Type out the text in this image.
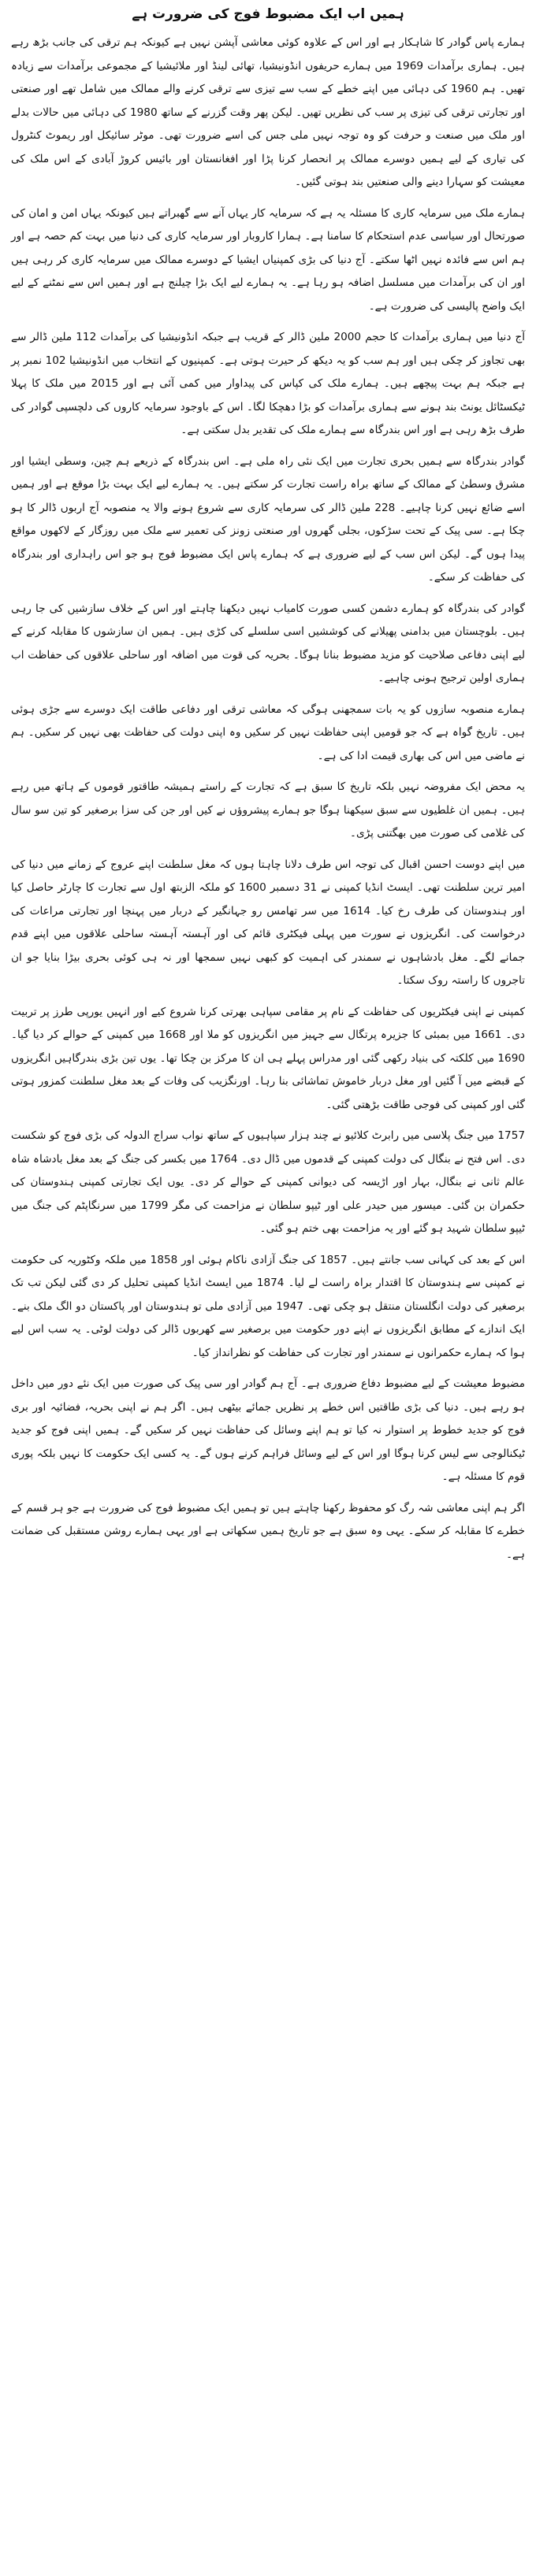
ہمیں اب ایک مضبوط فوج کی ضرورت ہے

ہمارے پاس گوادر کا شاہکار ہے اور اس کے علاوہ کوئی معاشی آپشن نہیں ہے کیونکہ ہم ترقی کی جانب بڑھ رہے ہیں۔ ہماری برآمدات 1969 میں ہمارے حریفوں انڈونیشیا، تھائی لینڈ اور ملائیشیا کے مجموعی برآمدات سے زیادہ تھیں۔ ہم 1960 کی دہائی میں اپنے خطے کے سب سے تیزی سے ترقی کرنے والے ممالک میں شامل تھے اور صنعتی اور تجارتی ترقی کی تیزی پر سب کی نظریں تھیں۔ لیکن پھر وقت گزرنے کے ساتھ 1980 کی دہائی میں حالات بدلے اور ملک میں صنعت و حرفت کو وہ توجہ نہیں ملی جس کی اسے ضرورت تھی۔ موٹر سائیکل اور ریموٹ کنٹرول کی تیاری کے لیے ہمیں دوسرے ممالک پر انحصار کرنا پڑا اور افغانستان اور بائیس کروڑ آبادی کے اس ملک کی معیشت کو سہارا دینے والی صنعتیں بند ہوتی گئیں۔

ہمارے ملک میں سرمایہ کاری کا مسئلہ یہ ہے کہ سرمایہ کار یہاں آنے سے گھبراتے ہیں کیونکہ یہاں امن و امان کی صورتحال اور سیاسی عدم استحکام کا سامنا ہے۔ ہمارا کاروبار اور سرمایہ کاری کی دنیا میں بہت کم حصہ ہے اور ہم اس سے فائدہ نہیں اٹھا سکتے۔ آج دنیا کی بڑی کمپنیاں ایشیا کے دوسرے ممالک میں سرمایہ کاری کر رہی ہیں اور ان کی برآمدات میں مسلسل اضافہ ہو رہا ہے۔ یہ ہمارے لیے ایک بڑا چیلنج ہے اور ہمیں اس سے نمٹنے کے لیے ایک واضح پالیسی کی ضرورت ہے۔

آج دنیا میں ہماری برآمدات کا حجم 2000 ملین ڈالر کے قریب ہے جبکہ انڈونیشیا کی برآمدات 112 ملین ڈالر سے بھی تجاوز کر چکی ہیں اور ہم سب کو یہ دیکھ کر حیرت ہوتی ہے۔ کمپنیوں کے انتخاب میں انڈونیشیا 102 نمبر پر ہے جبکہ ہم بہت پیچھے ہیں۔ ہمارے ملک کی کپاس کی پیداوار میں کمی آئی ہے اور 2015 میں ملک کا پہلا ٹیکسٹائل یونٹ بند ہونے سے ہماری برآمدات کو بڑا دھچکا لگا۔ اس کے باوجود سرمایہ کاروں کی دلچسپی گوادر کی طرف بڑھ رہی ہے اور اس بندرگاہ سے ہمارے ملک کی تقدیر بدل سکتی ہے۔

گوادر بندرگاہ سے ہمیں بحری تجارت میں ایک نئی راہ ملی ہے۔ اس بندرگاہ کے ذریعے ہم چین، وسطی ایشیا اور مشرق وسطیٰ کے ممالک کے ساتھ براہ راست تجارت کر سکتے ہیں۔ یہ ہمارے لیے ایک بہت بڑا موقع ہے اور ہمیں اسے ضائع نہیں کرنا چاہیے۔ 228 ملین ڈالر کی سرمایہ کاری سے شروع ہونے والا یہ منصوبہ آج اربوں ڈالر کا ہو چکا ہے۔ سی پیک کے تحت سڑکوں، بجلی گھروں اور صنعتی زونز کی تعمیر سے ملک میں روزگار کے لاکھوں مواقع پیدا ہوں گے۔ لیکن اس سب کے لیے ضروری ہے کہ ہمارے پاس ایک مضبوط فوج ہو جو اس راہداری اور بندرگاہ کی حفاظت کر سکے۔

گوادر کی بندرگاہ کو ہمارے دشمن کسی صورت کامیاب نہیں دیکھنا چاہتے اور اس کے خلاف سازشیں کی جا رہی ہیں۔ بلوچستان میں بدامنی پھیلانے کی کوششیں اسی سلسلے کی کڑی ہیں۔ ہمیں ان سازشوں کا مقابلہ کرنے کے لیے اپنی دفاعی صلاحیت کو مزید مضبوط بنانا ہوگا۔ بحریہ کی قوت میں اضافہ اور ساحلی علاقوں کی حفاظت اب ہماری اولین ترجیح ہونی چاہیے۔

ہمارے منصوبہ سازوں کو یہ بات سمجھنی ہوگی کہ معاشی ترقی اور دفاعی طاقت ایک دوسرے سے جڑی ہوئی ہیں۔ تاریخ گواہ ہے کہ جو قومیں اپنی حفاظت نہیں کر سکیں وہ اپنی دولت کی حفاظت بھی نہیں کر سکیں۔ ہم نے ماضی میں اس کی بھاری قیمت ادا کی ہے۔

یہ محض ایک مفروضہ نہیں بلکہ تاریخ کا سبق ہے کہ تجارت کے راستے ہمیشہ طاقتور قوموں کے ہاتھ میں رہے ہیں۔ ہمیں ان غلطیوں سے سبق سیکھنا ہوگا جو ہمارے پیشروؤں نے کیں اور جن کی سزا برصغیر کو تین سو سال کی غلامی کی صورت میں بھگتنی پڑی۔

میں اپنے دوست احسن اقبال کی توجہ اس طرف دلانا چاہتا ہوں کہ مغل سلطنت اپنے عروج کے زمانے میں دنیا کی امیر ترین سلطنت تھی۔ ایسٹ انڈیا کمپنی نے 31 دسمبر 1600 کو ملکہ الزبتھ اول سے تجارت کا چارٹر حاصل کیا اور ہندوستان کی طرف رخ کیا۔ 1614 میں سر تھامس رو جہانگیر کے دربار میں پہنچا اور تجارتی مراعات کی درخواست کی۔ انگریزوں نے سورت میں پہلی فیکٹری قائم کی اور آہستہ آہستہ ساحلی علاقوں میں اپنے قدم جمانے لگے۔ مغل بادشاہوں نے سمندر کی اہمیت کو کبھی نہیں سمجھا اور نہ ہی کوئی بحری بیڑا بنایا جو ان تاجروں کا راستہ روک سکتا۔

کمپنی نے اپنی فیکٹریوں کی حفاظت کے نام پر مقامی سپاہی بھرتی کرنا شروع کیے اور انہیں یورپی طرز پر تربیت دی۔ 1661 میں بمبئی کا جزیرہ پرتگال سے جہیز میں انگریزوں کو ملا اور 1668 میں کمپنی کے حوالے کر دیا گیا۔ 1690 میں کلکتہ کی بنیاد رکھی گئی اور مدراس پہلے ہی ان کا مرکز بن چکا تھا۔ یوں تین بڑی بندرگاہیں انگریزوں کے قبضے میں آ گئیں اور مغل دربار خاموش تماشائی بنا رہا۔ اورنگزیب کی وفات کے بعد مغل سلطنت کمزور ہوتی گئی اور کمپنی کی فوجی طاقت بڑھتی گئی۔

1757 میں جنگ پلاسی میں رابرٹ کلائیو نے چند ہزار سپاہیوں کے ساتھ نواب سراج الدولہ کی بڑی فوج کو شکست دی۔ اس فتح نے بنگال کی دولت کمپنی کے قدموں میں ڈال دی۔ 1764 میں بکسر کی جنگ کے بعد مغل بادشاہ شاہ عالم ثانی نے بنگال، بہار اور اڑیسہ کی دیوانی کمپنی کے حوالے کر دی۔ یوں ایک تجارتی کمپنی ہندوستان کی حکمران بن گئی۔ میسور میں حیدر علی اور ٹیپو سلطان نے مزاحمت کی مگر 1799 میں سرنگاپٹم کی جنگ میں ٹیپو سلطان شہید ہو گئے اور یہ مزاحمت بھی ختم ہو گئی۔

اس کے بعد کی کہانی سب جانتے ہیں۔ 1857 کی جنگ آزادی ناکام ہوئی اور 1858 میں ملکہ وکٹوریہ کی حکومت نے کمپنی سے ہندوستان کا اقتدار براہ راست لے لیا۔ 1874 میں ایسٹ انڈیا کمپنی تحلیل کر دی گئی لیکن تب تک برصغیر کی دولت انگلستان منتقل ہو چکی تھی۔ 1947 میں آزادی ملی تو ہندوستان اور پاکستان دو الگ ملک بنے۔ ایک اندازے کے مطابق انگریزوں نے اپنے دور حکومت میں برصغیر سے کھربوں ڈالر کی دولت لوٹی۔ یہ سب اس لیے ہوا کہ ہمارے حکمرانوں نے سمندر اور تجارت کی حفاظت کو نظرانداز کیا۔

مضبوط معیشت کے لیے مضبوط دفاع ضروری ہے۔ آج ہم گوادر اور سی پیک کی صورت میں ایک نئے دور میں داخل ہو رہے ہیں۔ دنیا کی بڑی طاقتیں اس خطے پر نظریں جمائے بیٹھی ہیں۔ اگر ہم نے اپنی بحریہ، فضائیہ اور بری فوج کو جدید خطوط پر استوار نہ کیا تو ہم اپنے وسائل کی حفاظت نہیں کر سکیں گے۔ ہمیں اپنی فوج کو جدید ٹیکنالوجی سے لیس کرنا ہوگا اور اس کے لیے وسائل فراہم کرنے ہوں گے۔ یہ کسی ایک حکومت کا نہیں بلکہ پوری قوم کا مسئلہ ہے۔

اگر ہم اپنی معاشی شہ رگ کو محفوظ رکھنا چاہتے ہیں تو ہمیں ایک مضبوط فوج کی ضرورت ہے جو ہر قسم کے خطرے کا مقابلہ کر سکے۔ یہی وہ سبق ہے جو تاریخ ہمیں سکھاتی ہے اور یہی ہمارے روشن مستقبل کی ضمانت ہے۔
